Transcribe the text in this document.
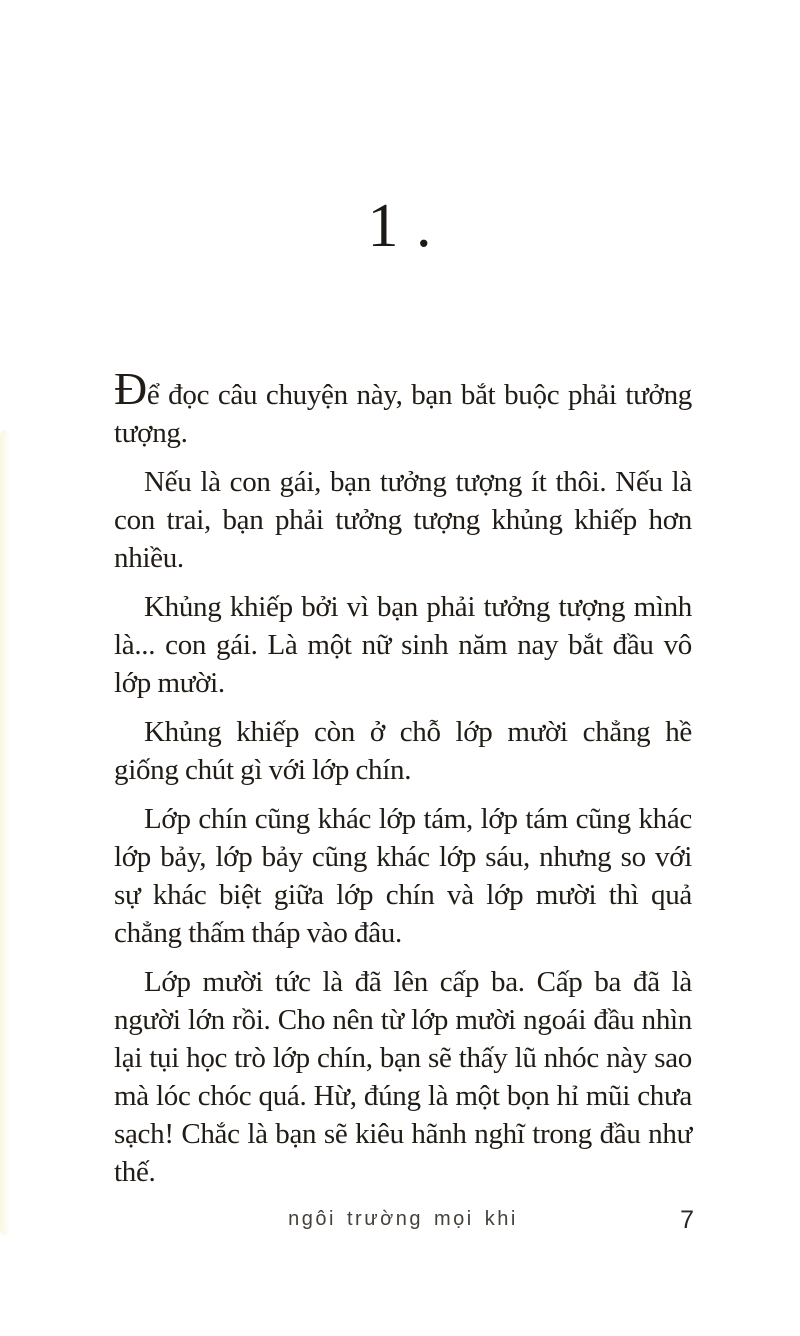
1 .

Để đọc câu chuyện này, bạn bắt buộc phải tưởng tượng.

Nếu là con gái, bạn tưởng tượng ít thôi. Nếu là con trai, bạn phải tưởng tượng khủng khiếp hơn nhiều.

Khủng khiếp bởi vì bạn phải tưởng tượng mình là... con gái. Là một nữ sinh năm nay bắt đầu vô lớp mười.

Khủng khiếp còn ở chỗ lớp mười chẳng hề giống chút gì với lớp chín.

Lớp chín cũng khác lớp tám, lớp tám cũng khác lớp bảy, lớp bảy cũng khác lớp sáu, nhưng so với sự khác biệt giữa lớp chín và lớp mười thì quả chẳng thấm tháp vào đâu.

Lớp mười tức là đã lên cấp ba. Cấp ba đã là người lớn rồi. Cho nên từ lớp mười ngoái đầu nhìn lại tụi học trò lớp chín, bạn sẽ thấy lũ nhóc này sao mà lóc chóc quá. Hừ, đúng là một bọn hỉ mũi chưa sạch! Chắc là bạn sẽ kiêu hãnh nghĩ trong đầu như thế.

ngôi trường mọi khi	7
